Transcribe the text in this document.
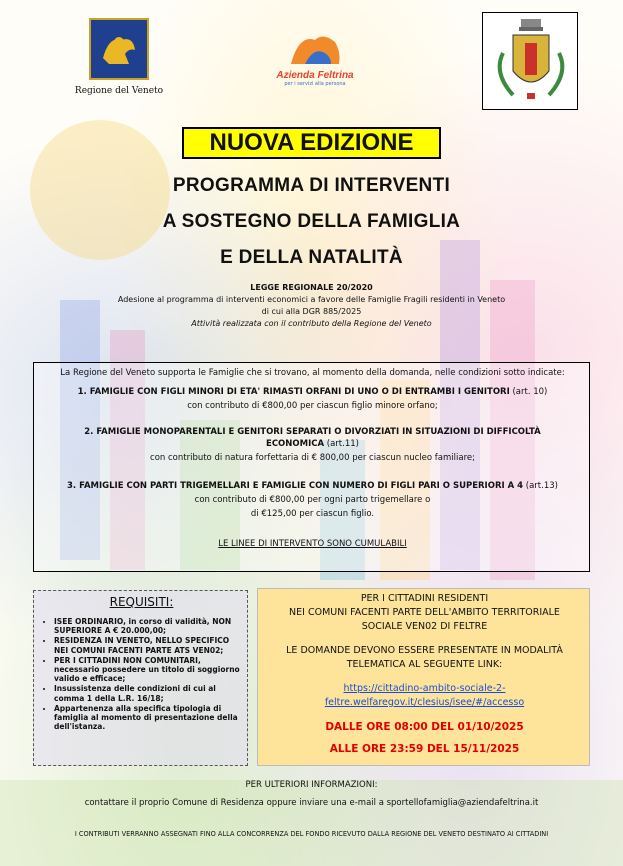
Regione del Veneto
Azienda Feltrina
per i servizi alla persona
NUOVA EDIZIONE
PROGRAMMA DI INTERVENTI
A SOSTEGNO DELLA FAMIGLIA
E DELLA NATALITÀ
LEGGE REGIONALE 20/2020
Adesione al programma di interventi economici a favore delle Famiglie Fragili residenti in Veneto
di cui alla DGR 885/2025
Attività realizzata con il contributo della Regione del Veneto
La Regione del Veneto supporta le Famiglie che si trovano, al momento della domanda, nelle condizioni sotto indicate:
1. FAMIGLIE CON FIGLI MINORI DI ETA' RIMASTI ORFANI DI UNO O DI ENTRAMBI I GENITORI (art. 10)
con contributo di €800,00 per ciascun figlio minore orfano;
2. FAMIGLIE MONOPARENTALI E GENITORI SEPARATI O DIVORZIATI IN SITUAZIONI DI DIFFICOLTÀ
ECONOMICA (art.11)
con contributo di natura forfettaria di € 800,00 per ciascun nucleo familiare;
3. FAMIGLIE CON PARTI TRIGEMELLARI E FAMIGLIE CON NUMERO DI FIGLI PARI O SUPERIORI A 4 (art.13)
con contributo di €800,00 per ogni parto trigemellare o
di €125,00 per ciascun figlio.
LE LINEE DI INTERVENTO SONO CUMULABILI
REQUISITI:
• ISEE ORDINARIO, in corso di validità, NON SUPERIORE A € 20.000,00;
• RESIDENZA IN VENETO, NELLO SPECIFICO NEI COMUNI FACENTI PARTE ATS VEN02;
• PER I CITTADINI NON COMUNITARI, necessario possedere un titolo di soggiorno valido e efficace;
• Insussistenza delle condizioni di cui al comma 1 della L.R. 16/18;
• Appartenenza alla specifica tipologia di famiglia al momento di presentazione della dell'istanza.
PER I CITTADINI RESIDENTI
NEI COMUNI FACENTI PARTE DELL'AMBITO TERRITORIALE
SOCIALE VEN02 DI FELTRE
LE DOMANDE DEVONO ESSERE PRESENTATE IN MODALITÀ
TELEMATICA AL SEGUENTE LINK:
https://cittadino-ambito-sociale-2-
feltre.welfaregov.it/clesius/isee/#/accesso
DALLE ORE 08:00 DEL 01/10/2025
ALLE ORE 23:59 DEL 15/11/2025
PER ULTERIORI INFORMAZIONI:
contattare il proprio Comune di Residenza oppure inviare una e-mail a sportellofamiglia@aziendafeltrina.it
I CONTRIBUTI VERRANNO ASSEGNATI FINO ALLA CONCORRENZA DEL FONDO RICEVUTO DALLA REGIONE DEL VENETO DESTINATO AI CITTADINI
